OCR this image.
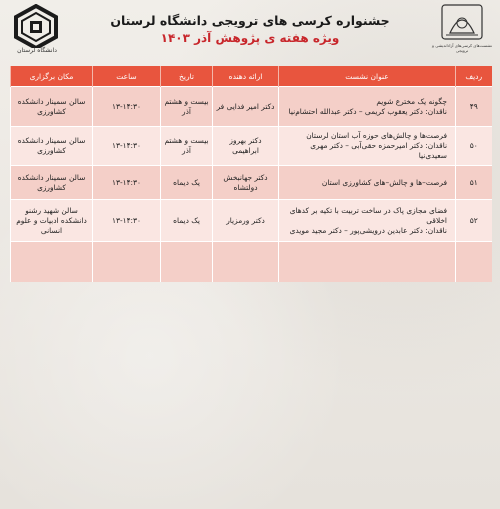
دانشگاه لرستان
جشنواره کرسی های ترویجی دانشگاه لرستان
ویژه هفته ی پژوهش آذر ۱۴۰۳
نشست‌های کرسی‌های آزاداندیشی و ترویجی
ردیف	عنوان نشست	ارائه دهنده	تاریخ	ساعت	مکان برگزاری
۴۹	چگونه یک مخترع شویم
ناقدان: دکتر یعقوب کریمی – دکتر عبدالله احتشام‌نیا	دکتر امیر فدایی فر	بیست و هشتم آذر	۱۳-۱۴:۳۰	سالن سمینار دانشکده کشاورزی
۵۰	فرصت‌ها و چالش‌های حوزه آب استان لرستان
ناقدان: دکتر امیرحمزه حقی‌آبی – دکتر مهری سعیدی‌نیا	دکتر بهروز ابراهیمی	بیست و هشتم آذر	۱۳-۱۴:۳۰	سالن سمینار دانشکده کشاورزی
۵۱	فرصت–ها و چالش–های کشاورزی استان	دکتر جهانبخش دولتشاه	یک دیماه	۱۳-۱۴:۳۰	سالن سمینار دانشکده کشاورزی
۵۲	فضای مجازی پاک در ساخت تربیت با تکیه بر کدهای اخلاقی
ناقدان: دکتر عابدین درویشی‌پور – دکتر مجید مویدی	دکتر ورمزیار	یک دیماه	۱۳-۱۴:۳۰	سالن شهید رشنو دانشکده ادبیات و علوم انسانی
